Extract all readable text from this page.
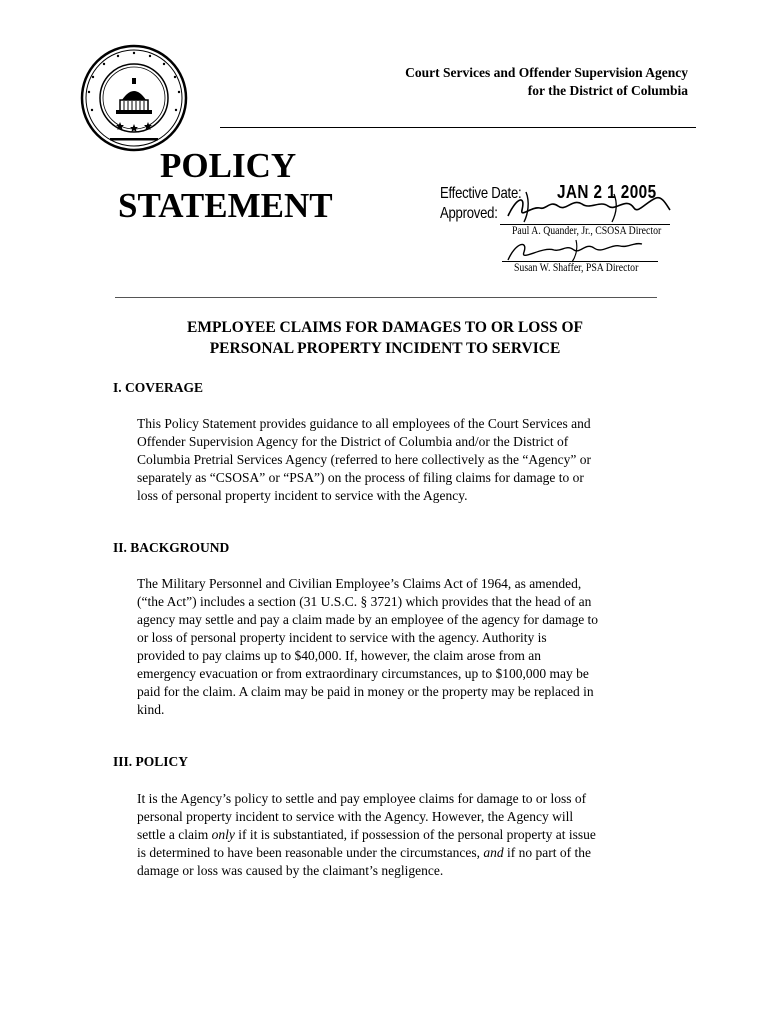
Court Services and Offender Supervision Agency
for the District of Columbia
POLICY
STATEMENT	Effective Date: JAN 2 1 2005
Approved:
Paul A. Quander, Jr., CSOSA Director
Susan W. Shaffer, PSA Director
EMPLOYEE CLAIMS FOR DAMAGES TO OR LOSS OF
PERSONAL PROPERTY INCIDENT TO SERVICE
I. COVERAGE
This Policy Statement provides guidance to all employees of the Court Services and
Offender Supervision Agency for the District of Columbia and/or the District of
Columbia Pretrial Services Agency (referred to here collectively as the “Agency” or
separately as “CSOSA” or “PSA”) on the process of filing claims for damage to or
loss of personal property incident to service with the Agency.
II. BACKGROUND
The Military Personnel and Civilian Employee’s Claims Act of 1964, as amended,
(“the Act”) includes a section (31 U.S.C. § 3721) which provides that the head of an
agency may settle and pay a claim made by an employee of the agency for damage to
or loss of personal property incident to service with the agency. Authority is
provided to pay claims up to $40,000. If, however, the claim arose from an
emergency evacuation or from extraordinary circumstances, up to $100,000 may be
paid for the claim. A claim may be paid in money or the property may be replaced in
kind.
III. POLICY
It is the Agency’s policy to settle and pay employee claims for damage to or loss of
personal property incident to service with the Agency. However, the Agency will
settle a claim only if it is substantiated, if possession of the personal property at issue
is determined to have been reasonable under the circumstances, and if no part of the
damage or loss was caused by the claimant’s negligence.
